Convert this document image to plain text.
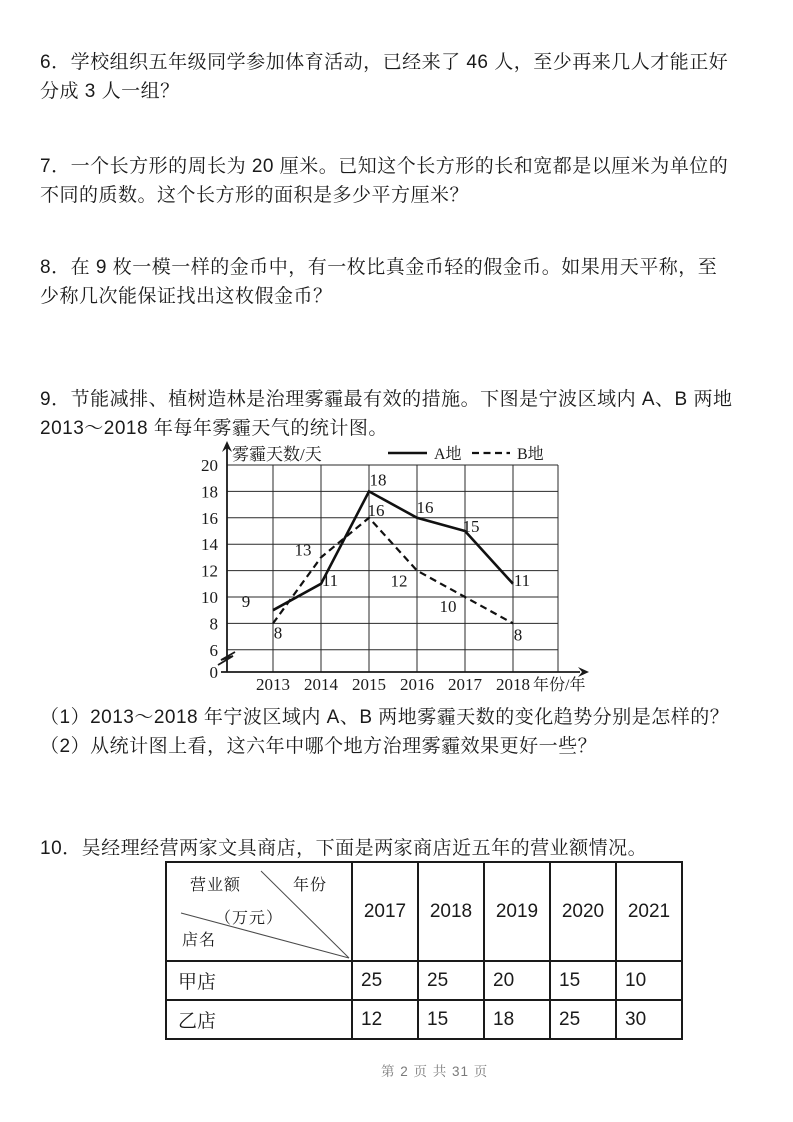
6．学校组织五年级同学参加体育活动，已经来了 46 人，至少再来几人才能正好
分成 3 人一组？
7．一个长方形的周长为 20 厘米。已知这个长方形的长和宽都是以厘米为单位的
不同的质数。这个长方形的面积是多少平方厘米？
8．在 9 枚一模一样的金币中，有一枚比真金币轻的假金币。如果用天平称，至
少称几次能保证找出这枚假金币？
9．节能减排、植树造林是治理雾霾最有效的措施。下图是宁波区域内 A、B 两地
2013～2018 年每年雾霾天气的统计图。
0
6
8
10
12
14
16
18
20
2013 2014 2015 2016 2017 2018 年份/年
雾霾天数/天	A地	B地
9
11
18
16
15
11
8
13
16
12
10
8
（1）2013～2018 年宁波区域内 A、B 两地雾霾天数的变化趋势分别是怎样的？
（2）从统计图上看，这六年中哪个地方治理雾霾效果更好一些？
10．吴经理经营两家文具商店，下面是两家商店近五年的营业额情况。
营业额
（万元）
年份
店名	2017	2018	2019	2020	2021
甲店	25	25	20	15	10
乙店	12	15	18	25	30
第 2 页 共 31 页
